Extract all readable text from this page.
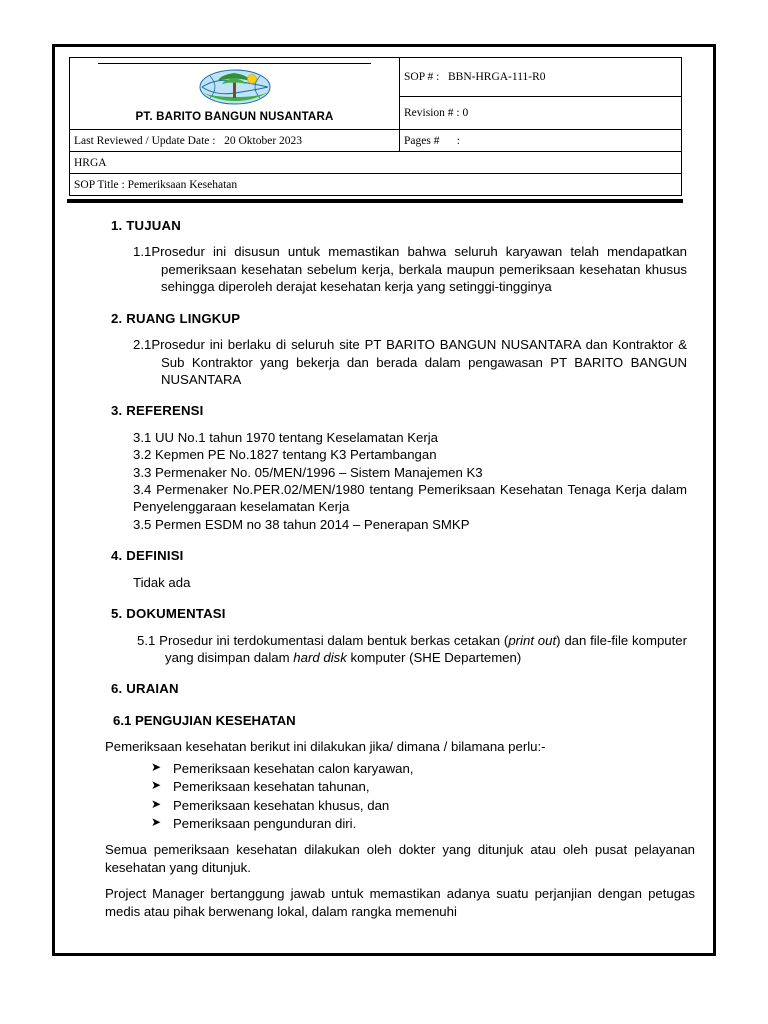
PT. BARITO BANGUN NUSANTARA	SOP # : BBN-HRGA-111-R0
	Revision # : 0
Last Reviewed / Update Date : 20 Oktober 2023	Pages # :
HRGA	
SOP Title : Pemeriksaan Kesehatan	
1. TUJUAN
1.1Prosedur ini disusun untuk memastikan bahwa seluruh karyawan telah mendapatkan pemeriksaan kesehatan sebelum kerja, berkala maupun pemeriksaan kesehatan khusus sehingga diperoleh derajat kesehatan kerja yang setinggi-tingginya
2. RUANG LINGKUP
2.1Prosedur ini berlaku di seluruh site PT BARITO BANGUN NUSANTARA dan Kontraktor & Sub Kontraktor yang bekerja dan berada dalam pengawasan PT BARITO BANGUN NUSANTARA
3. REFERENSI
3.1 UU No.1 tahun 1970 tentang Keselamatan Kerja
3.2 Kepmen PE No.1827 tentang K3 Pertambangan
3.3 Permenaker No. 05/MEN/1996 – Sistem Manajemen K3
3.4 Permenaker No.PER.02/MEN/1980 tentang Pemeriksaan Kesehatan Tenaga Kerja dalam Penyelenggaraan keselamatan Kerja
3.5 Permen ESDM no 38 tahun 2014 – Penerapan SMKP
4. DEFINISI
Tidak ada
5. DOKUMENTASI
5.1 Prosedur ini terdokumentasi dalam bentuk berkas cetakan (print out) dan file-file komputer yang disimpan dalam hard disk komputer (SHE Departemen)
6. URAIAN
6.1 PENGUJIAN KESEHATAN
Pemeriksaan kesehatan berikut ini dilakukan jika/ dimana / bilamana perlu:-
➤ Pemeriksaan kesehatan calon karyawan,
➤ Pemeriksaan kesehatan tahunan,
➤ Pemeriksaan kesehatan khusus, dan
➤ Pemeriksaan pengunduran diri.
Semua pemeriksaan kesehatan dilakukan oleh dokter yang ditunjuk atau oleh pusat pelayanan kesehatan yang ditunjuk.
Project Manager bertanggung jawab untuk memastikan adanya suatu perjanjian dengan petugas medis atau pihak berwenang lokal, dalam rangka memenuhi
